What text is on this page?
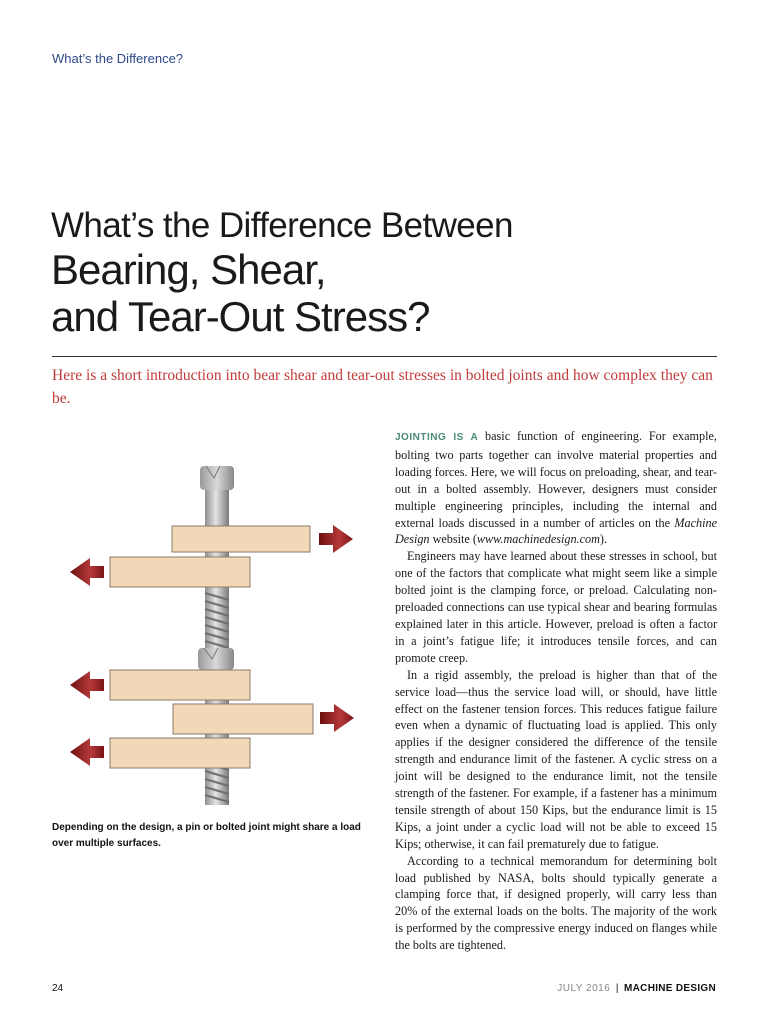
What’s the Difference?
What’s the Difference Between
Bearing, Shear,
and Tear-Out Stress?
Here is a short introduction into bear shear and tear-out stresses in bolted joints and how complex they can be.
Depending on the design, a pin or bolted joint might share a load over multiple surfaces.

JOINTING IS A basic function of engineering. For example, bolting two parts together can involve material properties and loading forces. Here, we will focus on preloading, shear, and tear-out in a bolted assembly. However, designers must consider multiple engineering principles, including the internal and external loads discussed in a number of articles on the Machine Design website (www.machinedesign.com).

Engineers may have learned about these stresses in school, but one of the factors that complicate what might seem like a simple bolted joint is the clamping force, or preload. Calculating non-preloaded connections can use typical shear and bearing formulas explained later in this article. However, preload is often a factor in a joint’s fatigue life; it introduces tensile forces, and can promote creep.

In a rigid assembly, the preload is higher than that of the service load—thus the service load will, or should, have little effect on the fastener tension forces. This reduces fatigue failure even when a dynamic of fluctuating load is applied. This only applies if the designer considered the difference of the tensile strength and endurance limit of the fastener. A cyclic stress on a joint will be designed to the endurance limit, not the tensile strength of the fastener. For example, if a fastener has a minimum tensile strength of about 150 Kips, but the endurance limit is 15 Kips, a joint under a cyclic load will not be able to exceed 15 Kips; otherwise, it can fail prematurely due to fatigue.

According to a technical memorandum for determining bolt load published by NASA, bolts should typically generate a clamping force that, if designed properly, will carry less than 20% of the external loads on the bolts. The majority of the work is performed by the compressive energy induced on flanges while the bolts are tightened.

24	JULY 2016  |  MACHINE DESIGN
